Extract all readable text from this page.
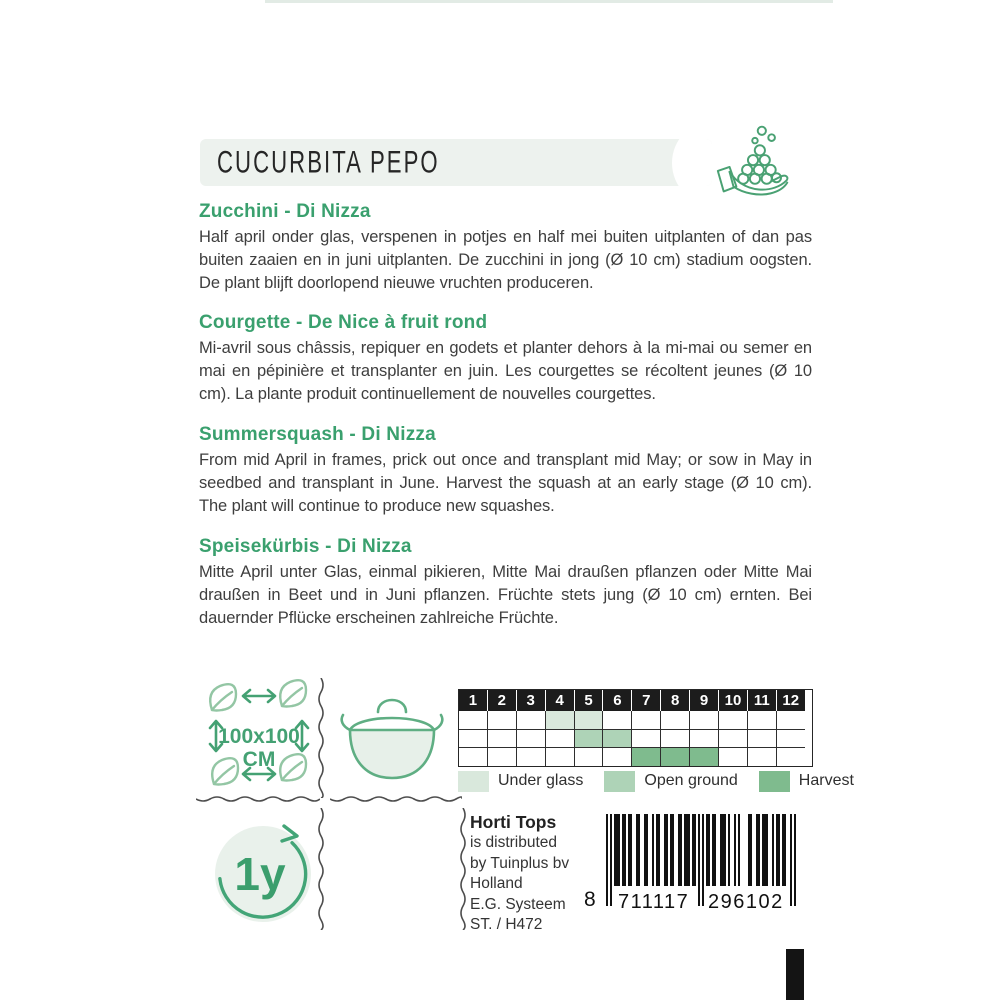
CUCURBITA PEPO
Zucchini - Di Nizza

Half april onder glas, verspenen in potjes en half mei buiten uitplanten of dan pas buiten zaaien en in juni uitplanten. De zucchini in jong (Ø 10 cm) stadium oogsten. De plant blijft doorlopend nieuwe vruchten produceren.

Courgette - De Nice à fruit rond

Mi-avril sous châssis, repiquer en godets et planter dehors à la mi-mai ou semer en mai en pépinière et transplanter en juin. Les courgettes se récoltent jeunes (Ø 10 cm). La plante produit continuellement de nouvelles courgettes.

Summersquash - Di Nizza

From mid April in frames, prick out once and transplant mid May; or sow in May in seedbed and transplant in June. Harvest the squash at an early stage (Ø 10 cm). The plant will continue to produce new squashes.

Speisekürbis - Di Nizza

Mitte April unter Glas, einmal pikieren, Mitte Mai draußen pflanzen oder Mitte Mai draußen in Beet und in Juni pflanzen. Früchte stets jung (Ø 10 cm) ernten. Bei dauernder Pflücke erscheinen zahlreiche Früchte.

100x100
CM
1	2	3	4	5	6	7	8	9	10 11 12
Under glass	Open ground	Harvest
1y
Horti Tops
is distributed
by Tuinplus bv
Holland
E.G. Systeem
ST. / H472
8 711117 296102
